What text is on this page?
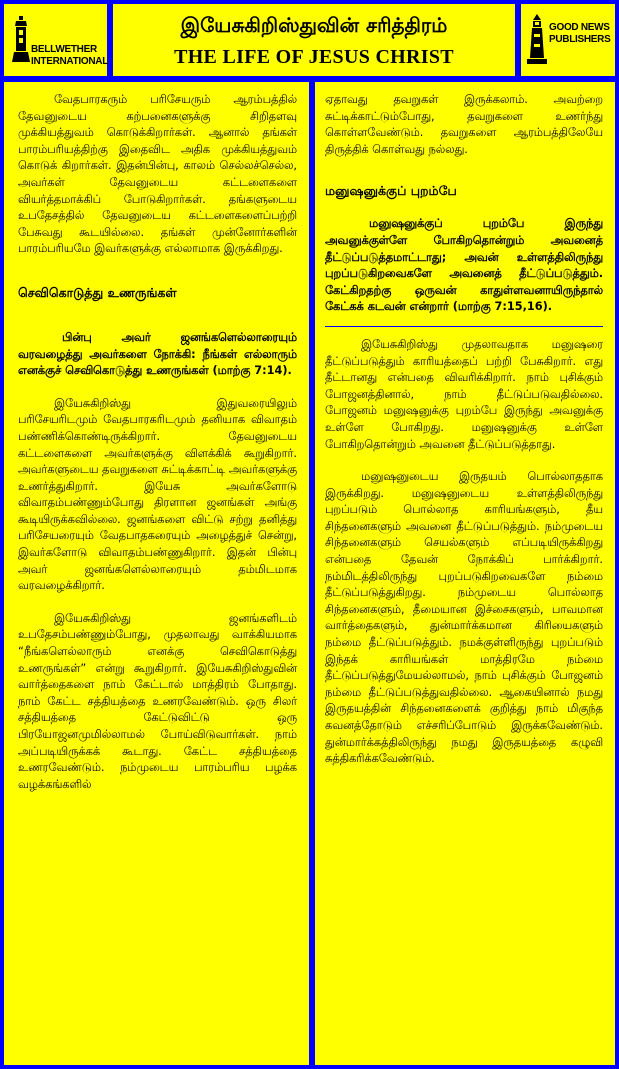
BELLWETHER
INTERNATIONAL
இயேசுகிறிஸ்துவின் சரித்திரம்
THE LIFE OF JESUS CHRIST
GOOD NEWS
PUBLISHERS

வேதபாரகரும் பரிசேயரும் ஆரம்பத்தில் தேவனுடைய கற்பனைகளுக்கு சிறிதளவு முக்கியத்துவம் கொடுக்கிறார்கள். ஆனால் தங்கள் பாரம்பரியத்திற்கு இதைவிட அதிக முக்கியத்துவம் கொடுக் கிறார்கள். இதன்பின்பு, காலம் செல்லச்செல்ல, அவர்கள் தேவனுடைய கட்டளைகளை வியர்த்தமாக்கிப் போடுகிறார்கள். தங்களுடைய உபதேசத்தில் தேவனுடைய கட்டளைகளைப்பற்றி பேசுவது கூடயில்லை. தங்கள் முன்னோர்களின் பாரம்பரியமே இவர்களுக்கு எல்லாமாக இருக்கிறது.

செவிகொடுத்து உணருங்கள்

பின்பு அவர் ஜனங்களெல்லாரையும் வரவழைத்து அவர்களை நோக்கி: நீங்கள் எல்லாரும் எனக்குச் செவிகொடுத்து உணருங்கள் (மாற்கு 7:14).

இயேசுகிறிஸ்து இதுவரையிலும் பரிசேயரிடமும் வேதபாரகரிடமும் தனியாக விவாதம் பண்ணிக்கொண்டிருக்கிறார். தேவனுடைய கட்டளைகளை அவர்களுக்கு விளக்கிக் கூறுகிறார். அவர்களுடைய தவறுகளை சுட்டிக்காட்டி அவர்களுக்கு உணர்த்துகிறார். இயேசு அவர்களோடு விவாதம்பண்ணும்போது திரளான ஜனங்கள் அங்கு கூடியிருக்கவில்லை. ஜனங்களை விட்டு சற்று தனித்து பரிசேயரையும் வேதபாதகரையும் அழைத்துச் சென்று, இவர்களோடு விவாதம்பண்ணுகிறார். இதன் பின்பு அவர் ஜனங்களெல்லாரையும் தம்மிடமாக வரவழைக்கிறார்.

இயேசுகிறிஸ்து ஜனங்களிடம் உபதேசம்பண்ணும்போது, முதலாவது வாக்கியமாக “நீங்களெல்லாரும் எனக்கு செவிகொடுத்து உணருங்கள்” என்று கூறுகிறார். இயேசுகிறிஸ்துவின் வார்த்தைகளை நாம் கேட்டால் மாத்திரம் போதாது. நாம் கேட்ட சத்தியத்தை உணரவேண்டும். ஒரு சிலர் சத்தியத்தை கேட்டுவிட்டு ஒரு பிரயோஜனமுமில்லாமல் போய்விடுவார்கள். நாம் அப்படியிருக்கக் கூடாது. கேட்ட சத்தியத்தை உணரவேண்டும். நம்முடைய பாரம்பரிய பழக்க வழக்கங்களில்

ஏதாவது தவறுகள் இருக்கலாம். அவற்றை சுட்டிக்காட்டும்போது, தவறுகளை உணர்ந்து கொள்ளவேண்டும். தவறுகளை ஆரம்பத்திலேயே திருத்திக் கொள்வது நல்லது.

மனுஷனுக்குப் புறம்பே

மனுஷனுக்குப் புறம்பே இருந்து அவனுக்குள்ளே போகிறதொன்றும் அவனைத் தீட்டுப்படுத்தமாட்டாது; அவன் உள்ளத்திலிருந்து புறப்படுகிறவைகளே அவனைத் தீட்டுப்படுத்தும். கேட்கிறதற்கு ஒருவன் காதுள்ளவனாயிருந்தால் கேட்கக் கடவன் என்றார் (மாற்கு 7:15,16).

இயேசுகிறிஸ்து முதலாவதாக மனுஷரை தீட்டுப்படுத்தும் காரியத்தைப் பற்றி பேசுகிறார். எது தீட்டானது என்பதை விவரிக்கிறார். நாம் புசிக்கும் போஜனத்தினால், நாம் தீட்டுப்படுவதில்லை. போஜனம் மனுஷனுக்கு புறம்பே இருந்து அவனுக்கு உள்ளே போகிறது. மனுஷனுக்கு உள்ளே போகிறதொன்றும் அவனை தீட்டுப்படுத்தாது.

மனுஷனுடைய இருதயம் பொல்லாததாக இருக்கிறது. மனுஷனுடைய உள்ளத்திலிருந்து புறப்படும் பொல்லாத காரியங்களும், தீய சிந்தனைகளும் அவனை தீட்டுப்படுத்தும். நம்முடைய சிந்தனைகளும் செயல்களும் எப்படியிருக்கிறது என்பதை தேவன் நோக்கிப் பார்க்கிறார். நம்மிடத்திலிருந்து புறப்படுகிறவைகளே நம்மை தீட்டுப்படுத்துகிறது. நம்முடைய பொல்லாத சிந்தனைகளும், தீமையான இச்சைகளும், பாவமான வார்த்தைகளும், துன்மார்க்கமான கிரியைகளும் நம்மை தீட்டுப்படுத்தும். நமக்குள்ளிருந்து புறப்படும் இந்தக் காரியங்கள் மாத்திரமே நம்மை தீட்டுப்படுத்துமேயல்லாமல், நாம் புசிக்கும் போஜனம் நம்மை தீட்டுப்படுத்துவதில்லை. ஆகையினால் நமது இருதயத்தின் சிந்தனைகளைக் குறித்து நாம் மிகுந்த கவனத்தோடும் எச்சரிப்போடும் இருக்கவேண்டும். துன்மார்க்கத்திலிருந்து நமது இருதயத்தை கழுவி சுத்திகரிக்கவேண்டும்.
